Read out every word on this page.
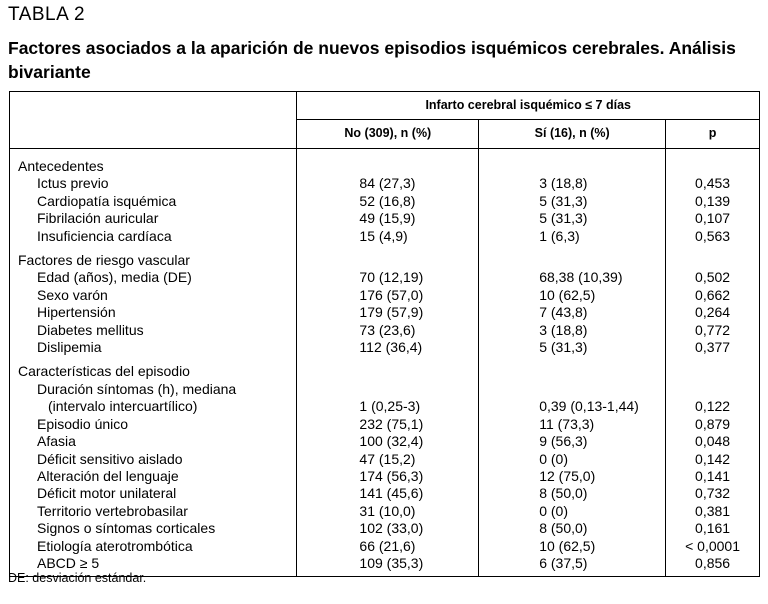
TABLA 2
Factores asociados a la aparición de nuevos episodios isquémicos cerebrales. Análisis bivariante
	Infarto cerebral isquémico ≤ 7 días		
	No (309), n (%)	Sí (16), n (%)	p
Antecedentes			
Ictus previo	84 (27,3)	3 (18,8)	0,453
Cardiopatía isquémica	52 (16,8)	5 (31,3)	0,139
Fibrilación auricular	49 (15,9)	5 (31,3)	0,107
Insuficiencia cardíaca	15 (4,9)	1 (6,3)	0,563
Factores de riesgo vascular			
Edad (años), media (DE)	70 (12,19)	68,38 (10,39)	0,502
Sexo varón	176 (57,0)	10 (62,5)	0,662
Hipertensión	179 (57,9)	7 (43,8)	0,264
Diabetes mellitus	73 (23,6)	3 (18,8)	0,772
Dislipemia	112 (36,4)	5 (31,3)	0,377
Características del episodio			
Duración síntomas (h), mediana			
(intervalo intercuartílico)	1 (0,25-3)	0,39 (0,13-1,44)	0,122
Episodio único	232 (75,1)	11 (73,3)	0,879
Afasia	100 (32,4)	9 (56,3)	0,048
Déficit sensitivo aislado	47 (15,2)	0 (0)	0,142
Alteración del lenguaje	174 (56,3)	12 (75,0)	0,141
Déficit motor unilateral	141 (45,6)	8 (50,0)	0,732
Territorio vertebrobasilar	31 (10,0)	0 (0)	0,381
Signos o síntomas corticales	102 (33,0)	8 (50,0)	0,161
Etiología aterotrombótica	66 (21,6)	10 (62,5)	< 0,0001
ABCD ≥ 5	109 (35,3)	6 (37,5)	0,856
DE: desviación estándar.
